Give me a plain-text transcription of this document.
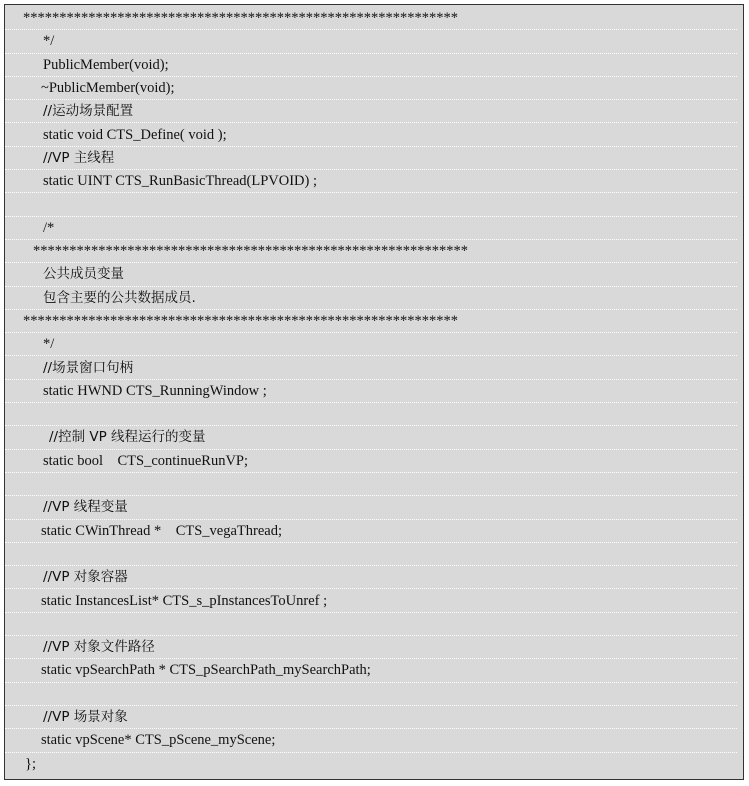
************************************************************
*/
PublicMember(void);
~PublicMember(void);
//运动场景配置
static void CTS_Define( void );
//VP 主线程
static UINT CTS_RunBasicThread(LPVOID) ;
/*
************************************************************
公共成员变量
包含主要的公共数据成员.
************************************************************
*/
//场景窗口句柄
static HWND CTS_RunningWindow ;
//控制 VP 线程运行的变量
static bool    CTS_continueRunVP;
//VP 线程变量
static CWinThread *    CTS_vegaThread;
//VP 对象容器
static InstancesList* CTS_s_pInstancesToUnref ;
//VP 对象文件路径
static vpSearchPath * CTS_pSearchPath_mySearchPath;
//VP 场景对象
static vpScene* CTS_pScene_myScene;
};
